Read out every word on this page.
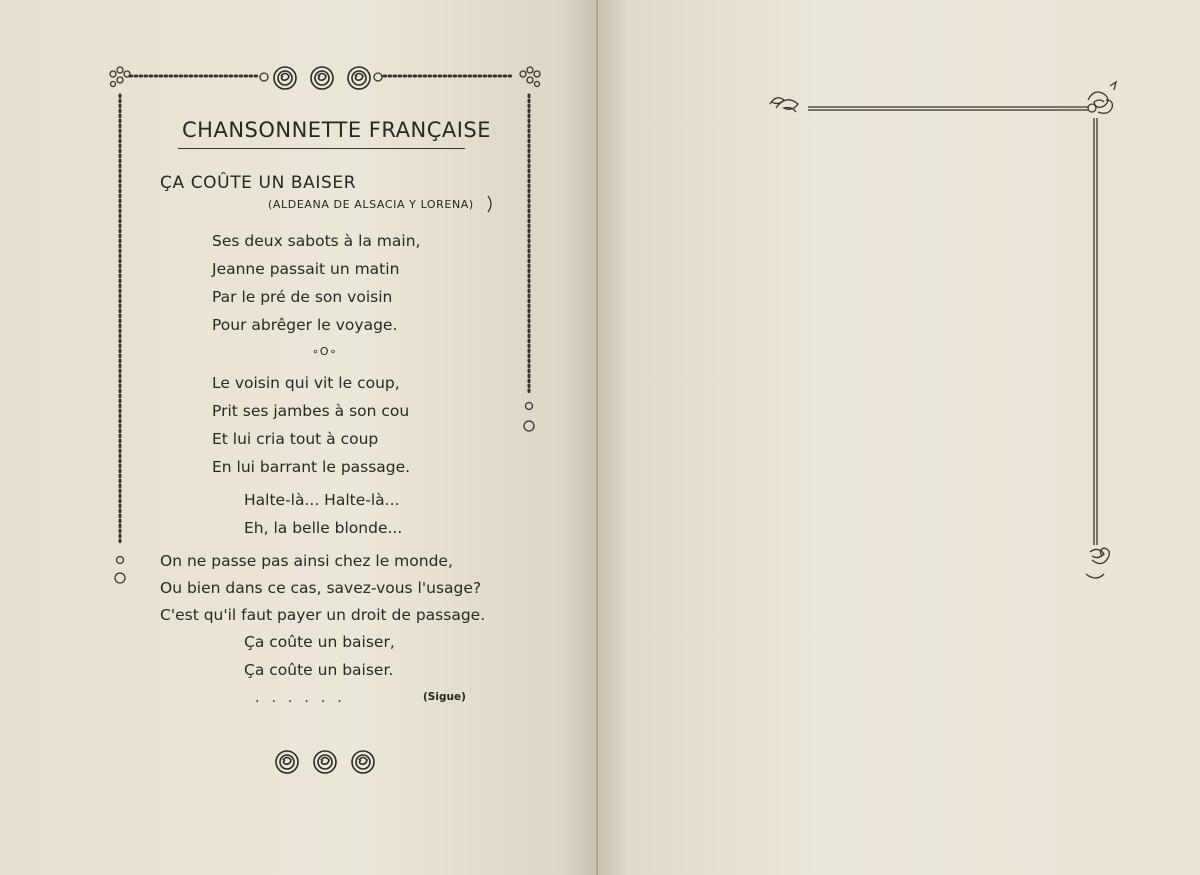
CHANSONNETTE FRANÇAISE
ÇA COÛTE UN BAISER
(ALDEANA DE ALSACIA Y LORENA)
Ses deux sabots à la main,
Jeanne passait un matin
Par le pré de son voisin
Pour abrêger le voyage.
∘O∘
Le voisin qui vit le coup,
Prit ses jambes à son cou
Et lui cria tout à coup
En lui barrant le passage.
Halte-là... Halte-là...
Eh, la belle blonde...
On ne passe pas ainsi chez le monde,
Ou bien dans ce cas, savez-vous l'usage?
C'est qu'il faut payer un droit de passage.
Ça coûte un baiser,
Ça coûte un baiser.
......	(Sigue)
